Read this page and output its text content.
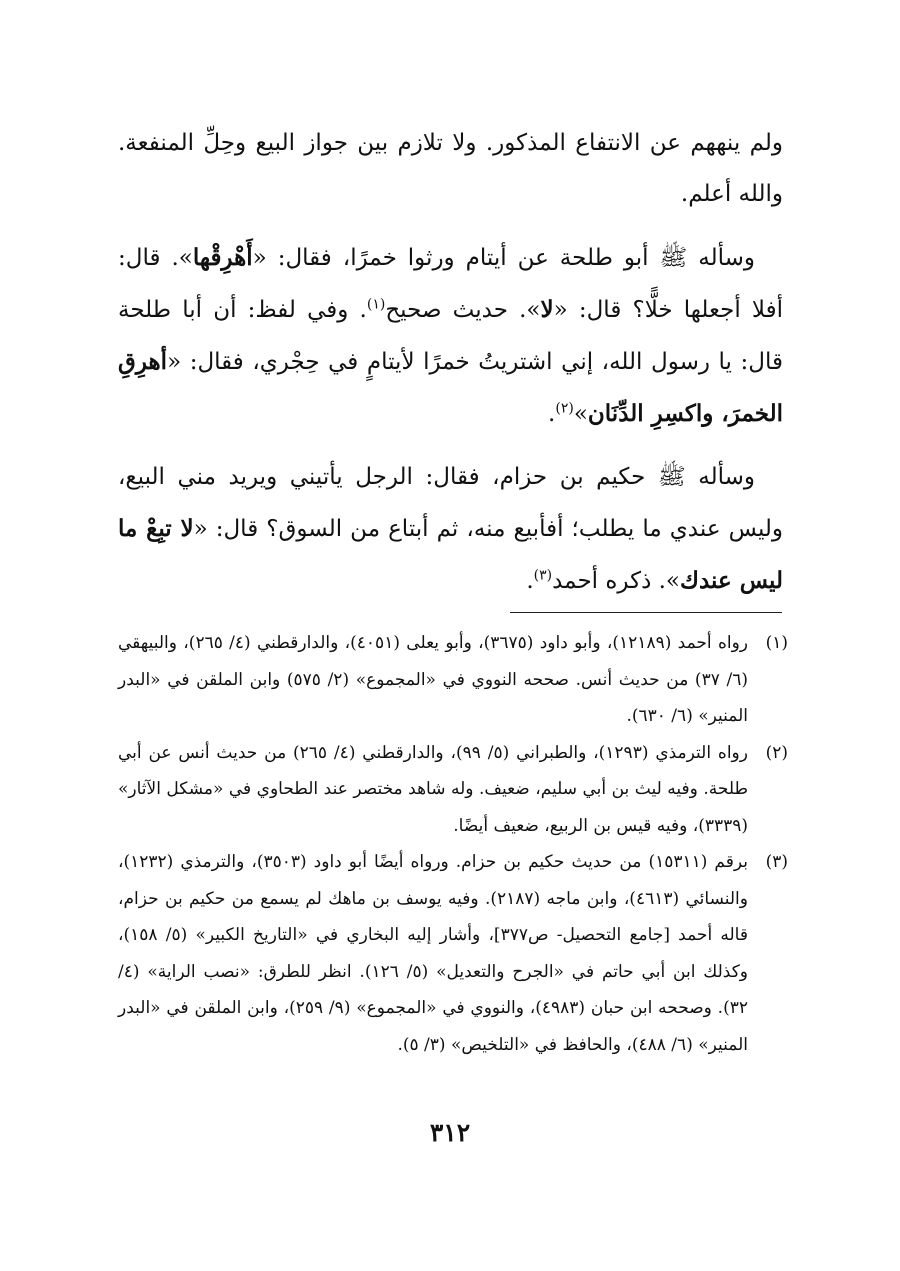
ولم ينههم عن الانتفاع المذكور. ولا تلازم بين جواز البيع وحِلِّ المنفعة. والله أعلم.

وسأله ﷺ أبو طلحة عن أيتام ورثوا خمرًا، فقال: «أَهْرِقْها». قال: أفلا أجعلها خلًّا؟ قال: «لا». حديث صحيح$^{(١)}$. وفي لفظ: أن أبا طلحة قال: يا رسول الله، إني اشتريتُ خمرًا لأيتامٍ في حِجْري، فقال: «أهرِقِ الخمرَ، واكسِرِ الدِّنَان»$^{(٢)}$.

وسأله ﷺ حكيم بن حزام، فقال: الرجل يأتيني ويريد مني البيع، وليس عندي ما يطلب؛ أفأبيع منه، ثم أبتاع من السوق؟ قال: «لا تبِعْ ما ليس عندك». ذكره أحمد$^{(٣)}$.

(١)
رواه أحمد (١٢١٨٩)، وأبو داود (٣٦٧٥)، وأبو يعلى (٤٠٥١)، والدارقطني (٤/ ٢٦٥)، والبيهقي (٦/ ٣٧) من حديث أنس. صححه النووي في «المجموع» (٢/ ٥٧٥) وابن الملقن في «البدر المنير» (٦/ ٦٣٠).
(٢)
رواه الترمذي (١٢٩٣)، والطبراني (٥/ ٩٩)، والدارقطني (٤/ ٢٦٥) من حديث أنس عن أبي طلحة. وفيه ليث بن أبي سليم، ضعيف. وله شاهد مختصر عند الطحاوي في «مشكل الآثار» (٣٣٣٩)، وفيه قيس بن الربيع، ضعيف أيضًا.
(٣)
برقم (١٥٣١١) من حديث حكيم بن حزام. ورواه أيضًا أبو داود (٣٥٠٣)، والترمذي (١٢٣٢)، والنسائي (٤٦١٣)، وابن ماجه (٢١٨٧). وفيه يوسف بن ماهك لم يسمع من حكيم بن حزام، قاله أحمد [جامع التحصيل- ص٣٧٧]، وأشار إليه البخاري في «التاريخ الكبير» (٥/ ١٥٨)، وكذلك ابن أبي حاتم في «الجرح والتعديل» (٥/ ١٢٦). انظر للطرق: «نصب الراية» (٤/ ٣٢). وصححه ابن حبان (٤٩٨٣)، والنووي في «المجموع» (٩/ ٢٥٩)، وابن الملقن في «البدر المنير» (٦/ ٤٨٨)، والحافظ في «التلخيص» (٣/ ٥).
٣١٢
